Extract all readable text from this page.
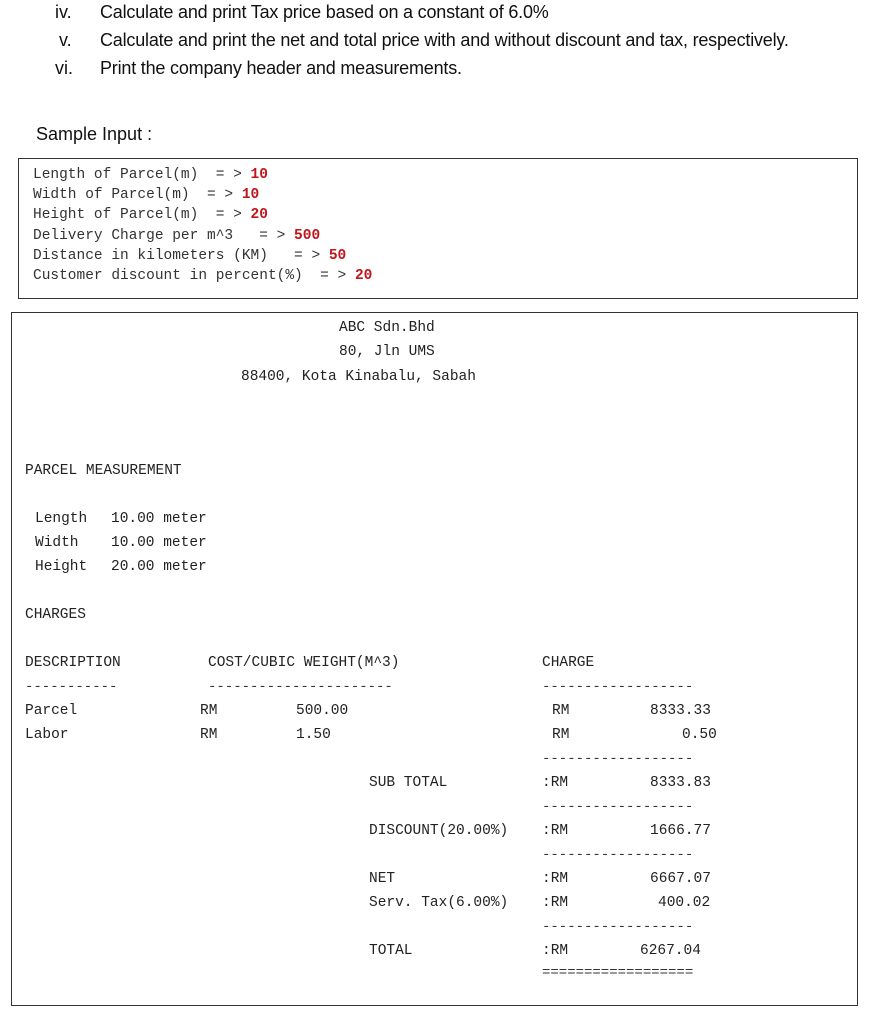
iv. Calculate and print Tax price based on a constant of 6.0%
v. Calculate and print the net and total price with and without discount and tax, respectively.
vi. Print the company header and measurements.
Sample Input :
Length of Parcel(m)  = > 10
Width of Parcel(m)  = > 10
Height of Parcel(m)  = > 20
Delivery Charge per m^3   = > 500
Distance in kilometers (KM)   = > 50
Customer discount in percent(%)  = > 20
ABC Sdn.Bhd
80, Jln UMS
88400, Kota Kinabalu, Sabah
PARCEL MEASUREMENT
Length 10.00 meter
Width 10.00 meter
Height 20.00 meter
CHARGES
DESCRIPTION	COST/CUBIC WEIGHT(M^3)	CHARGE
-----------	----------------------	------------------
Parcel	RM	500.00	RM	8333.33
Labor	RM	1.50	RM	0.50
------------------
SUB TOTAL	:RM	8333.83
------------------
DISCOUNT(20.00%) :RM	1666.77
------------------
NET	:RM	6667.07
Serv. Tax(6.00%) :RM	400.02
------------------
TOTAL	:RM	6267.04
==================
